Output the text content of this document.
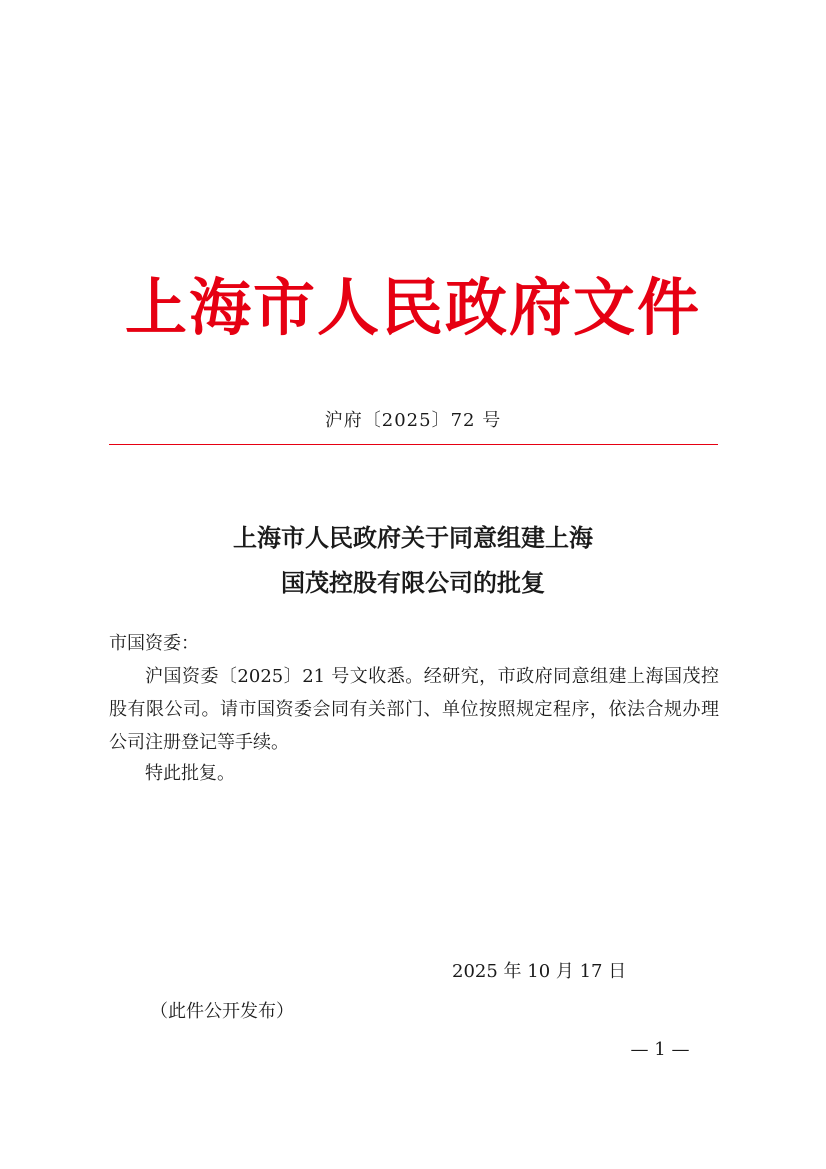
上海市人民政府文件
沪府〔2025〕72 号
上海市人民政府关于同意组建上海
国茂控股有限公司的批复
市国资委：
沪国资委〔2025〕21 号文收悉。经研究，市政府同意组建上海国茂控股有限公司。请市国资委会同有关部门、单位按照规定程序，依法合规办理公司注册登记等手续。
特此批复。
2025 年 10 月 17 日
（此件公开发布）
— 1 —
